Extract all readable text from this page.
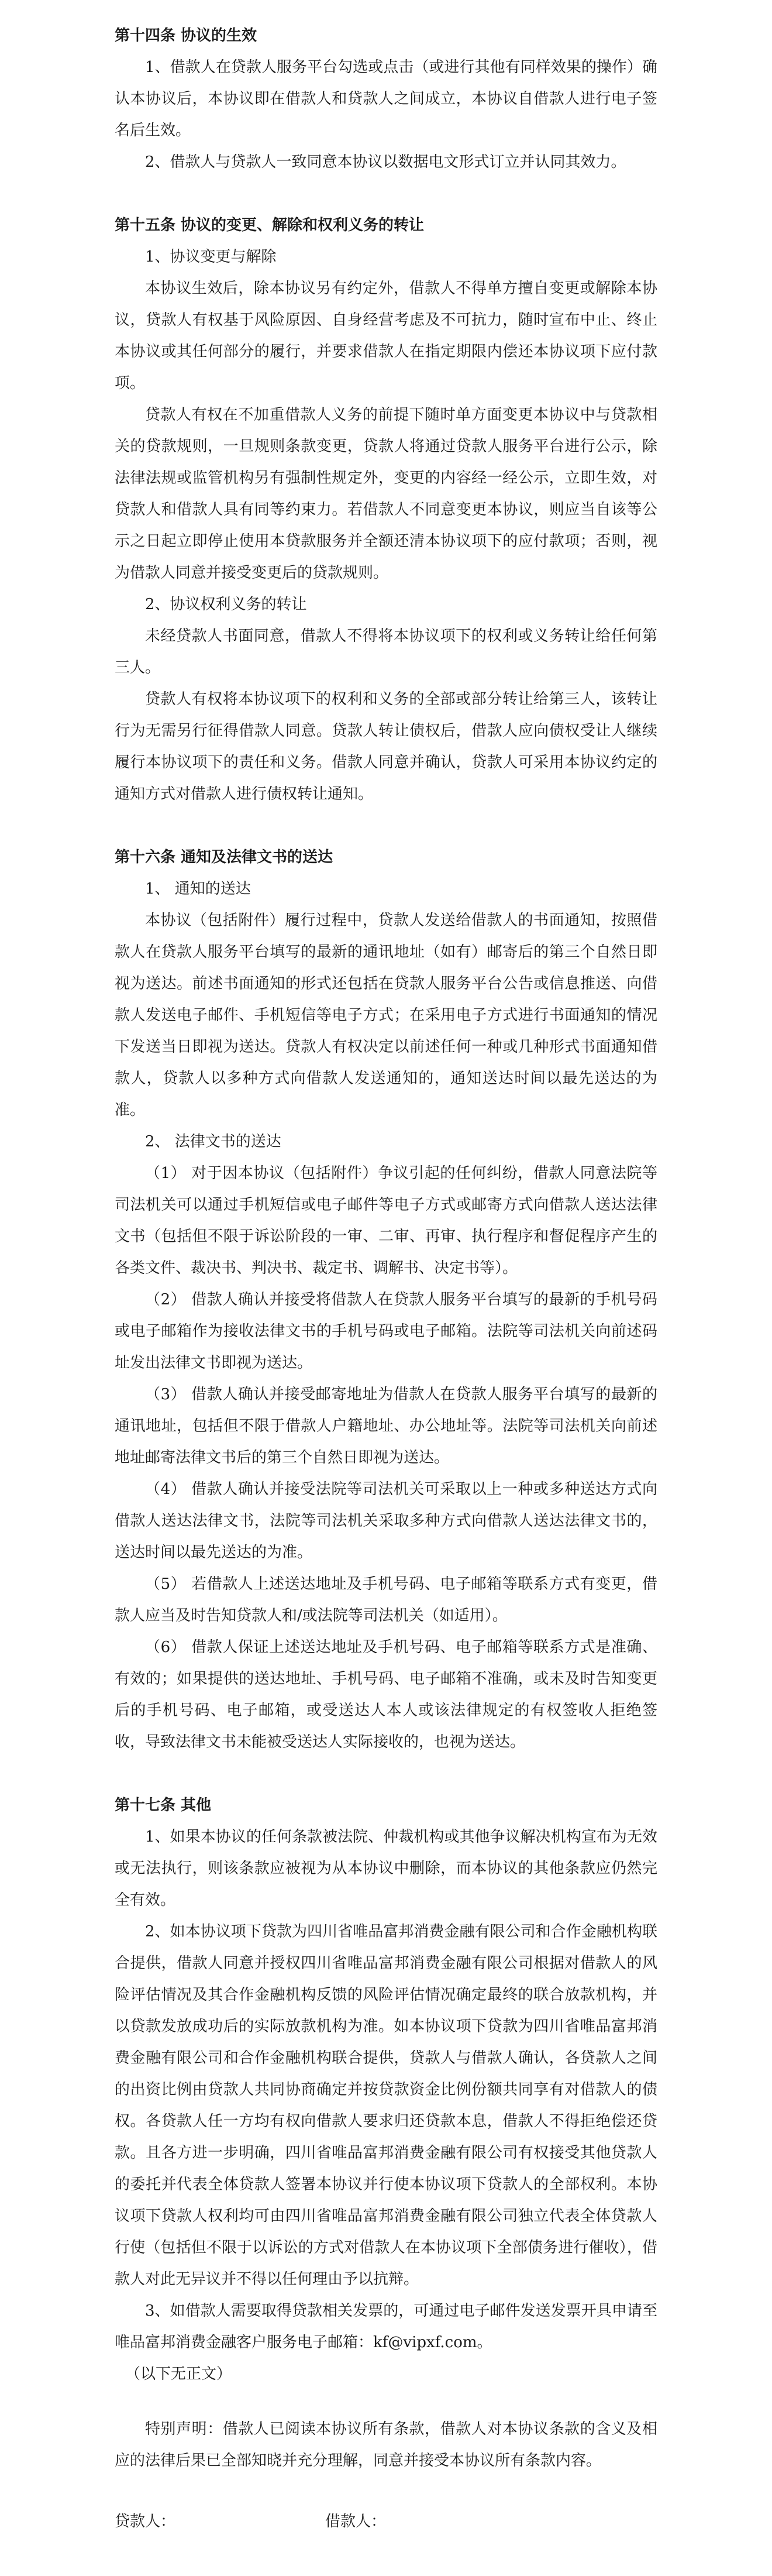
第十四条 协议的生效

1、借款人在贷款人服务平台勾选或点击（或进行其他有同样效果的操作）确认本协议后，本协议即在借款人和贷款人之间成立，本协议自借款人进行电子签名后生效。

2、借款人与贷款人一致同意本协议以数据电文形式订立并认同其效力。

第十五条 协议的变更、解除和权利义务的转让

1、协议变更与解除

本协议生效后，除本协议另有约定外，借款人不得单方擅自变更或解除本协议，贷款人有权基于风险原因、自身经营考虑及不可抗力，随时宣布中止、终止本协议或其任何部分的履行，并要求借款人在指定期限内偿还本协议项下应付款项。

贷款人有权在不加重借款人义务的前提下随时单方面变更本协议中与贷款相关的贷款规则，一旦规则条款变更，贷款人将通过贷款人服务平台进行公示，除法律法规或监管机构另有强制性规定外，变更的内容经一经公示，立即生效，对贷款人和借款人具有同等约束力。若借款人不同意变更本协议，则应当自该等公示之日起立即停止使用本贷款服务并全额还清本协议项下的应付款项；否则，视为借款人同意并接受变更后的贷款规则。

2、协议权利义务的转让

未经贷款人书面同意，借款人不得将本协议项下的权利或义务转让给任何第三人。

贷款人有权将本协议项下的权利和义务的全部或部分转让给第三人，该转让行为无需另行征得借款人同意。贷款人转让债权后，借款人应向债权受让人继续履行本协议项下的责任和义务。借款人同意并确认，贷款人可采用本协议约定的通知方式对借款人进行债权转让通知。

第十六条 通知及法律文书的送达

1、 通知的送达

本协议（包括附件）履行过程中，贷款人发送给借款人的书面通知，按照借款人在贷款人服务平台填写的最新的通讯地址（如有）邮寄后的第三个自然日即视为送达。前述书面通知的形式还包括在贷款人服务平台公告或信息推送、向借款人发送电子邮件、手机短信等电子方式；在采用电子方式进行书面通知的情况下发送当日即视为送达。贷款人有权决定以前述任何一种或几种形式书面通知借款人，贷款人以多种方式向借款人发送通知的，通知送达时间以最先送达的为准。

2、 法律文书的送达

（1） 对于因本协议（包括附件）争议引起的任何纠纷，借款人同意法院等司法机关可以通过手机短信或电子邮件等电子方式或邮寄方式向借款人送达法律文书（包括但不限于诉讼阶段的一审、二审、再审、执行程序和督促程序产生的各类文件、裁决书、判决书、裁定书、调解书、决定书等）。

（2） 借款人确认并接受将借款人在贷款人服务平台填写的最新的手机号码或电子邮箱作为接收法律文书的手机号码或电子邮箱。法院等司法机关向前述码址发出法律文书即视为送达。

（3） 借款人确认并接受邮寄地址为借款人在贷款人服务平台填写的最新的通讯地址，包括但不限于借款人户籍地址、办公地址等。法院等司法机关向前述地址邮寄法律文书后的第三个自然日即视为送达。

（4） 借款人确认并接受法院等司法机关可采取以上一种或多种送达方式向借款人送达法律文书，法院等司法机关采取多种方式向借款人送达法律文书的，送达时间以最先送达的为准。

（5） 若借款人上述送达地址及手机号码、电子邮箱等联系方式有变更，借款人应当及时告知贷款人和/或法院等司法机关（如适用）。

（6） 借款人保证上述送达地址及手机号码、电子邮箱等联系方式是准确、有效的；如果提供的送达地址、手机号码、电子邮箱不准确，或未及时告知变更后的手机号码、电子邮箱，或受送达人本人或该法律规定的有权签收人拒绝签收，导致法律文书未能被受送达人实际接收的，也视为送达。

第十七条 其他

1、如果本协议的任何条款被法院、仲裁机构或其他争议解决机构宣布为无效或无法执行，则该条款应被视为从本协议中删除，而本协议的其他条款应仍然完全有效。

2、如本协议项下贷款为四川省唯品富邦消费金融有限公司和合作金融机构联合提供，借款人同意并授权四川省唯品富邦消费金融有限公司根据对借款人的风险评估情况及其合作金融机构反馈的风险评估情况确定最终的联合放款机构，并以贷款发放成功后的实际放款机构为准。如本协议项下贷款为四川省唯品富邦消费金融有限公司和合作金融机构联合提供，贷款人与借款人确认，各贷款人之间的出资比例由贷款人共同协商确定并按贷款资金比例份额共同享有对借款人的债权。各贷款人任一方均有权向借款人要求归还贷款本息，借款人不得拒绝偿还贷款。且各方进一步明确，四川省唯品富邦消费金融有限公司有权接受其他贷款人的委托并代表全体贷款人签署本协议并行使本协议项下贷款人的全部权利。本协议项下贷款人权利均可由四川省唯品富邦消费金融有限公司独立代表全体贷款人行使（包括但不限于以诉讼的方式对借款人在本协议项下全部债务进行催收），借款人对此无异议并不得以任何理由予以抗辩。

3、如借款人需要取得贷款相关发票的，可通过电子邮件发送发票开具申请至唯品富邦消费金融客户服务电子邮箱：kf@vipxf.com。

（以下无正文）

特别声明：借款人已阅读本协议所有条款，借款人对本协议条款的含义及相应的法律后果已全部知晓并充分理解，同意并接受本协议所有条款内容。

贷款人：	借款人：
